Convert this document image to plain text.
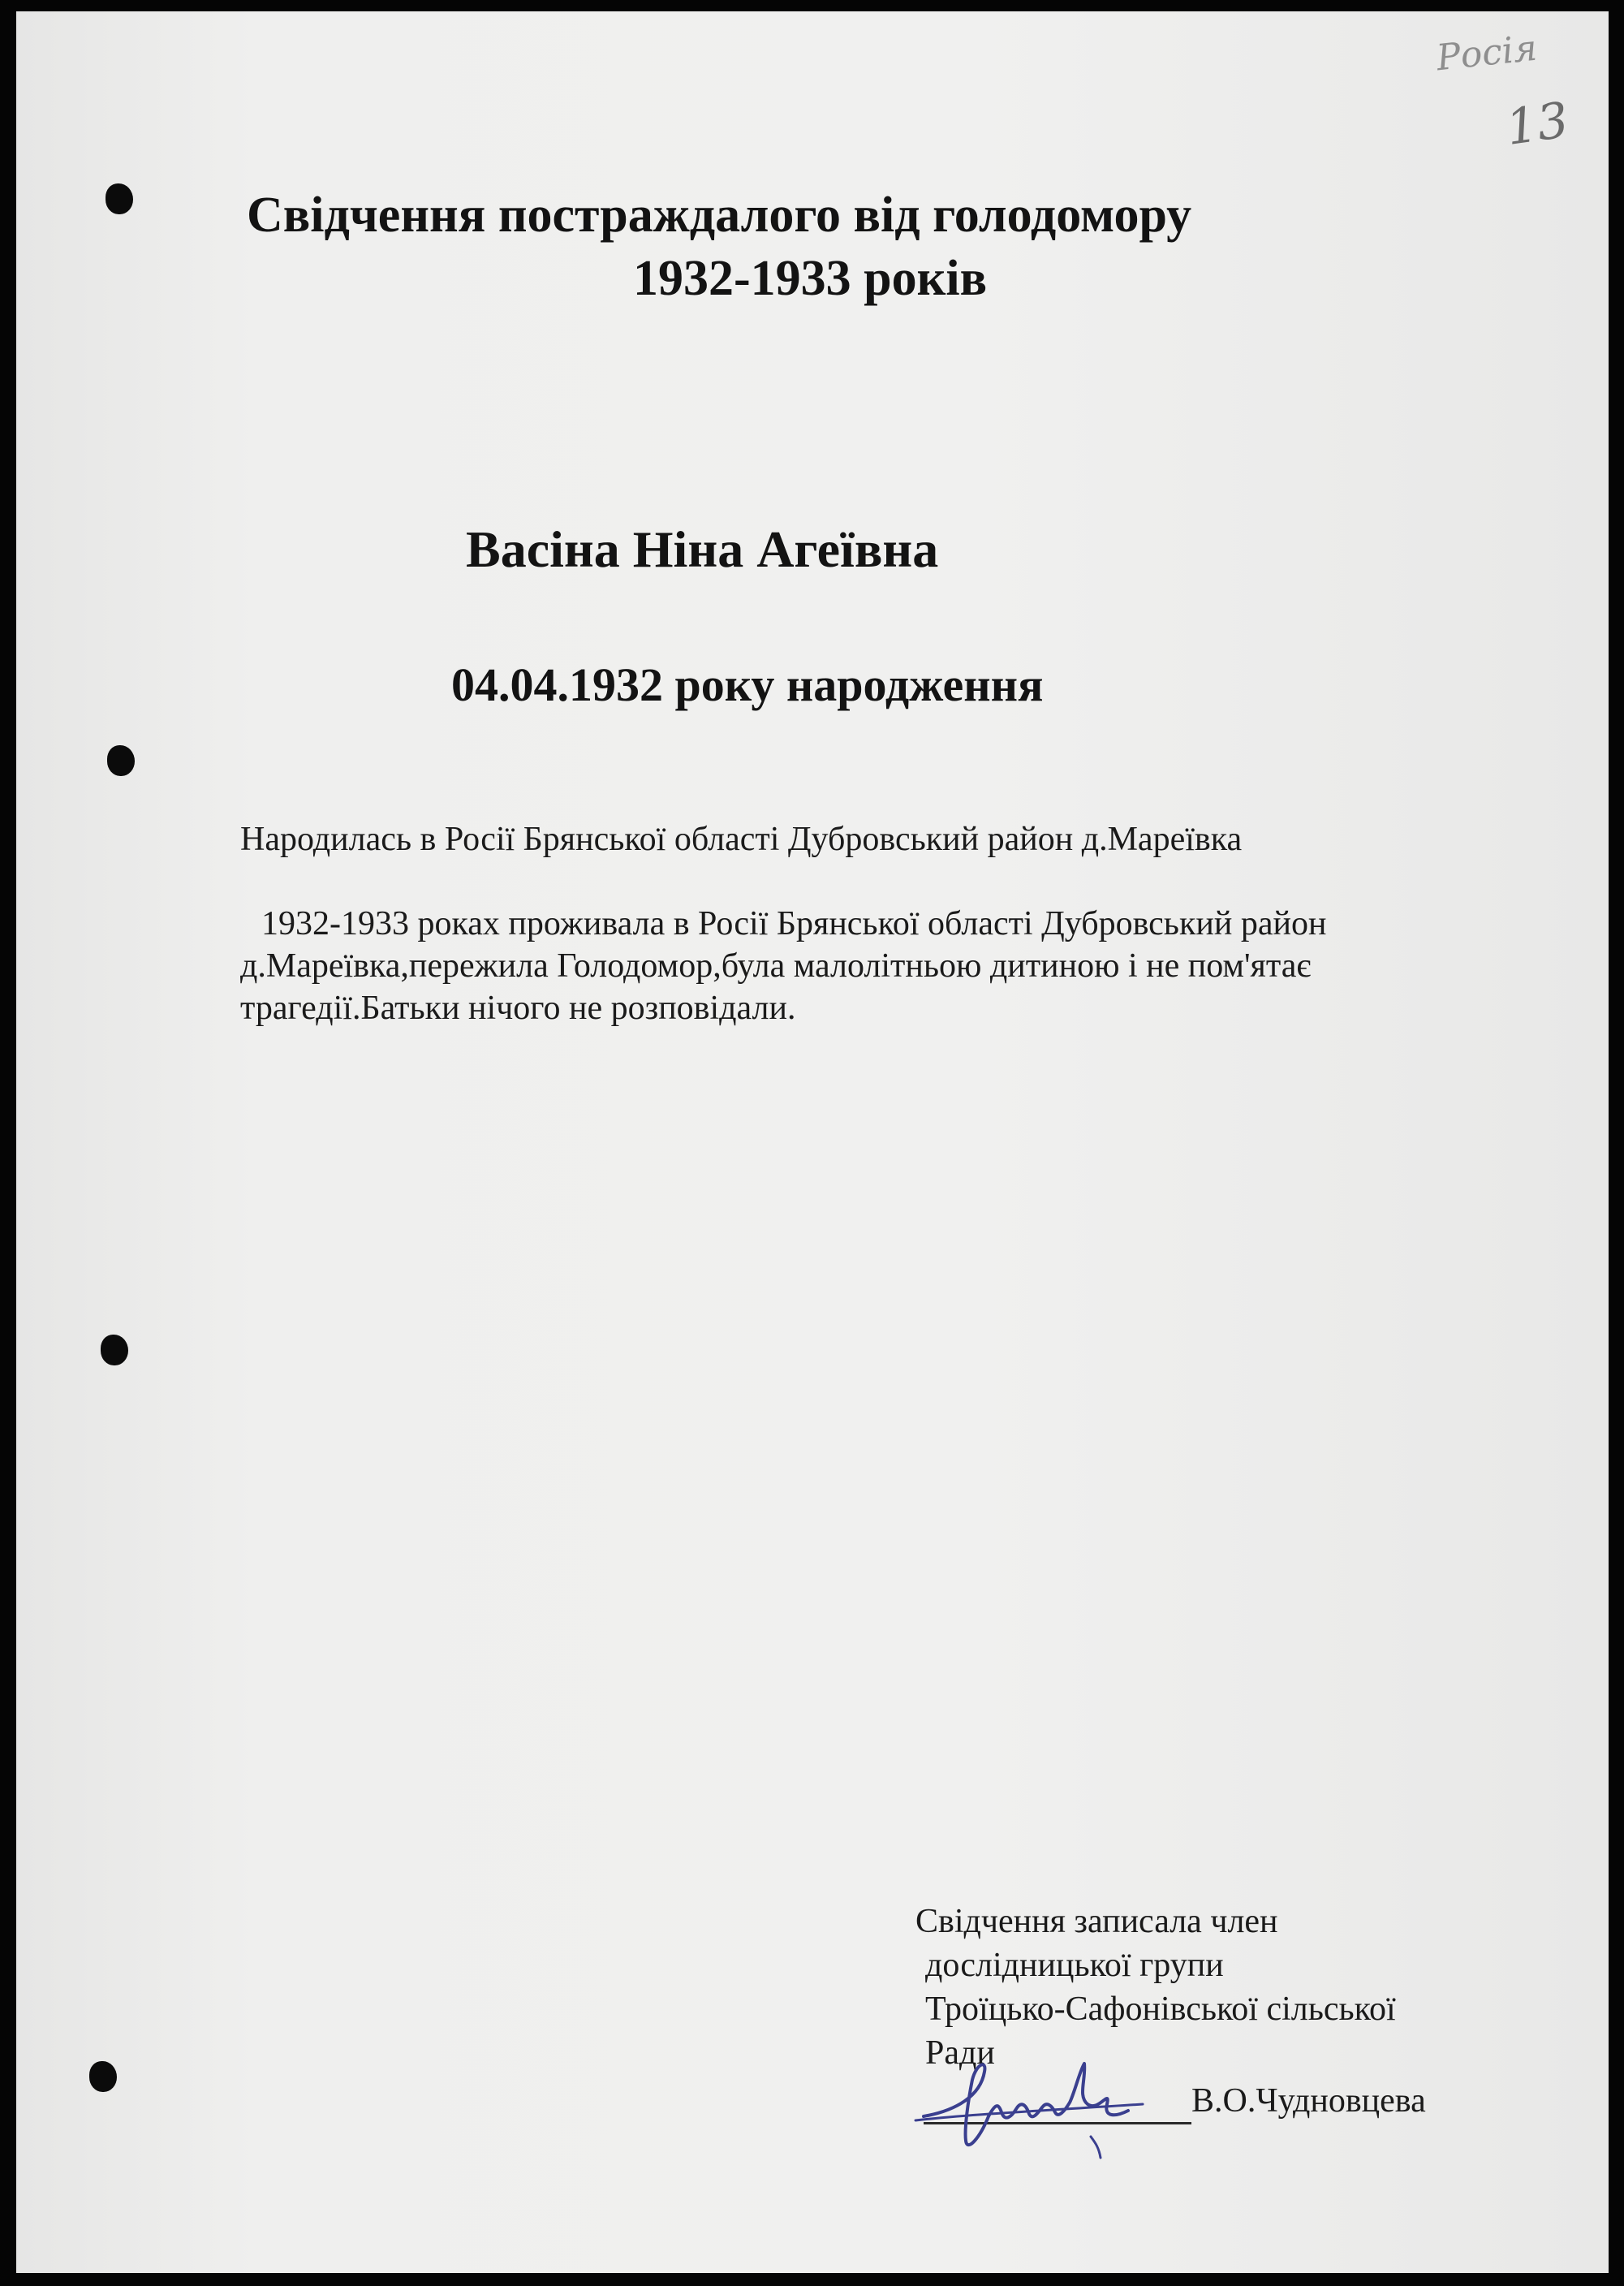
Росія
13
Свідчення постраждалого від голодомору
1932-1933 років
Васіна Ніна Агеївна
04.04.1932 року народження
Народилась в Росії Брянської області Дубровський район д.Мареївка
1932-1933 роках проживала в Росії Брянської області Дубровський район
д.Мареївка,пережила Голодомор,була малолітньою дитиною і не пом'ятає
трагедії.Батьки нічого не розповідали.
Свідчення записала член
дослідницької групи
Троїцько-Сафонівської сільської
Ради
В.О.Чудновцева
